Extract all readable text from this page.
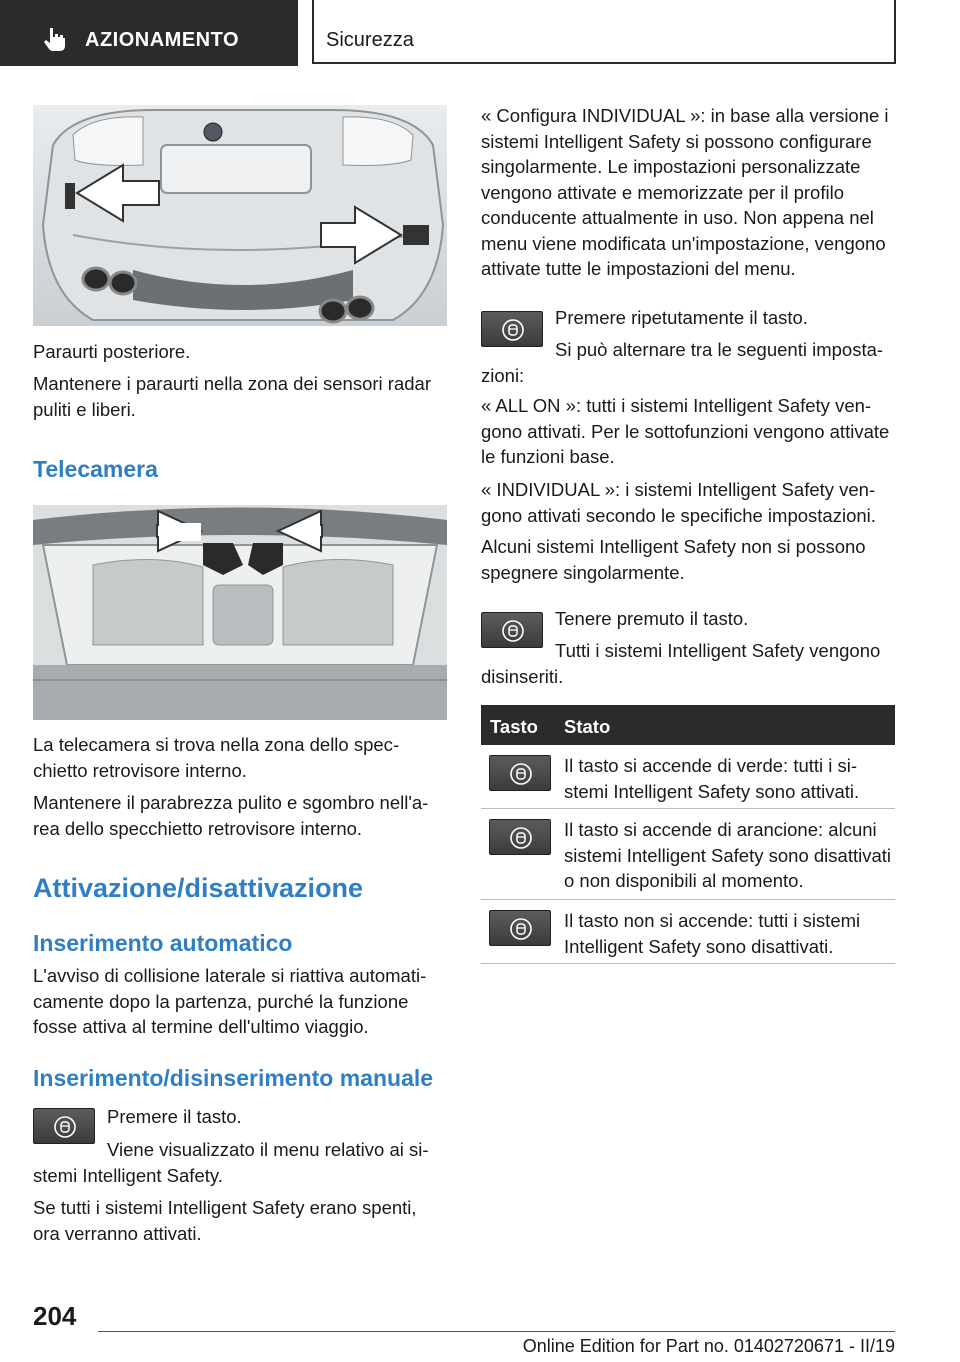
AZIONAMENTO	Sicurezza

Paraurti posteriore.

Mantenere i paraurti nella zona dei sensori radar puliti e liberi.

Telecamera

La telecamera si trova nella zona dello specchietto retrovisore interno.

Mantenere il parabrezza pulito e sgombro nell'area dello specchietto retrovisore interno.

Attivazione/disattivazione
Inserimento automatico

L'avviso di collisione laterale si riattiva automaticamente dopo la partenza, purché la funzione fosse attiva al termine dell'ultimo viaggio.

Inserimento/disinserimento manuale

Premere il tasto.

Viene visualizzato il menu relativo ai sistemi Intelligent Safety.

Se tutti i sistemi Intelligent Safety erano spenti, ora verranno attivati.

« Configura INDIVIDUAL »: in base alla versione i sistemi Intelligent Safety si possono configurare singolarmente. Le impostazioni personalizzate vengono attivate e memorizzate per il profilo conducente attualmente in uso. Non appena nel menu viene modificata un'impostazione, vengono attivate tutte le impostazioni del menu.

Premere ripetutamente il tasto.

Si può alternare tra le seguenti impostazioni:

« ALL ON »: tutti i sistemi Intelligent Safety vengono attivati. Per le sottofunzioni vengono attivate le funzioni base.

« INDIVIDUAL »: i sistemi Intelligent Safety vengono attivati secondo le specifiche impostazioni.

Alcuni sistemi Intelligent Safety non si possono spegnere singolarmente.

Tenere premuto il tasto.

Tutti i sistemi Intelligent Safety vengono disinseriti.

Tasto Stato

Il tasto si accende di verde: tutti i sistemi Intelligent Safety sono attivati.

Il tasto si accende di arancione: alcuni sistemi Intelligent Safety sono disattivati o non disponibili al momento.

Il tasto non si accende: tutti i sistemi Intelligent Safety sono disattivati.

204
Online Edition for Part no. 01402720671 - II/19
